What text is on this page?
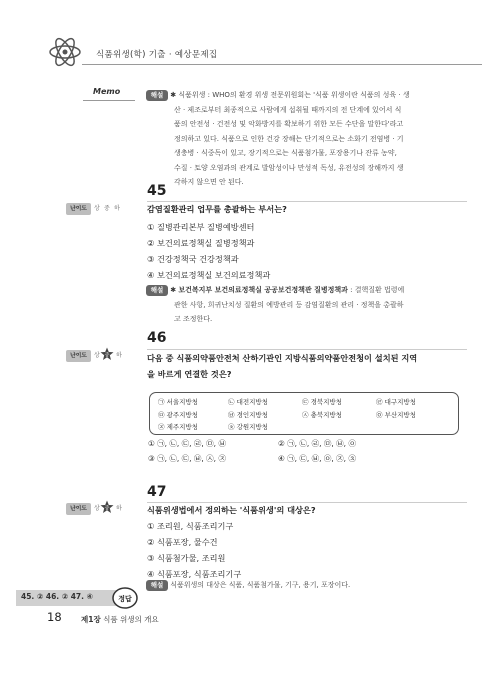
식품위생(학) 기출 · 예상문제집
Memo	해설 ✱ 식품위생 : WHO의 환경 위생 전문위원회는 '식품 위생이란 식품의 성육 · 생
산 · 제조로부터 최종적으로 사람에게 섭취될 때까지의 전 단계에 있어서 식
품의 안전성 · 건전성 및 악화방지를 확보하기 위한 모든 수단을 말한다'라고
정의하고 있다. 식품으로 인한 건강 장해는 단기적으로는 소화기 전염병 · 기
생충병 · 식중독이 있고, 장기적으로는 식품첨가물, 포장용기나 잔류 농약,
수질 · 토양 오염과의 관계로 발암성이나 만성적 독성, 유전성의 장해까지 생
각하지 않으면 안 된다.
45
난이도	상 중 하	감염질환관리 업무를 총괄하는 부서는?
① 질병관리본부 질병예방센터
② 보건의료정책실 질병정책과
③ 건강정책국 건강정책과
④ 보건의료정책실 보건의료정책과
해설 ✱ 보건복지부 보건의료정책실 공공보건정책관 질병정책과 : 결핵질환 법령에
관한 사항, 희귀난치성 질환의 예방관리 등 감염질환의 관리 · 정책을 총괄하
고 조정한다.
46
난이도	상 중 하	다음 중 식품의약품안전처 산하기관인 지방식품의약품안전청이 설치된 지역
을 바르게 연결한 것은?
㉠ 서울지방청	㉡ 대전지방청	㉢ 경북지방청	㉣ 대구지방청
㉤ 광주지방청	㉥ 경인지방청	㉦ 충북지방청	㉧ 부산지방청
㉨ 제주지방청	㉩ 강원지방청
① ㉠, ㉡, ㉢, ㉣, ㉤, ㉥	② ㉠, ㉡, ㉣, ㉤, ㉥, ㉧
③ ㉠, ㉡, ㉢, ㉥, ㉦, ㉨	④ ㉠, ㉢, ㉥, ㉧, ㉨, ㉩
47
난이도	상 중 하	식품위생법에서 정의하는 '식품위생'의 대상은?
① 조리원, 식품조리기구
② 식품포장, 물수건
③ 식품첨가물, 조리원
④ 식품포장, 식품조리기구
해설 식품위생의 대상은 식품, 식품첨가물, 기구, 용기, 포장이다.
45. ② 46. ② 47. ④	정답
18	제1장 식품 위생의 개요
